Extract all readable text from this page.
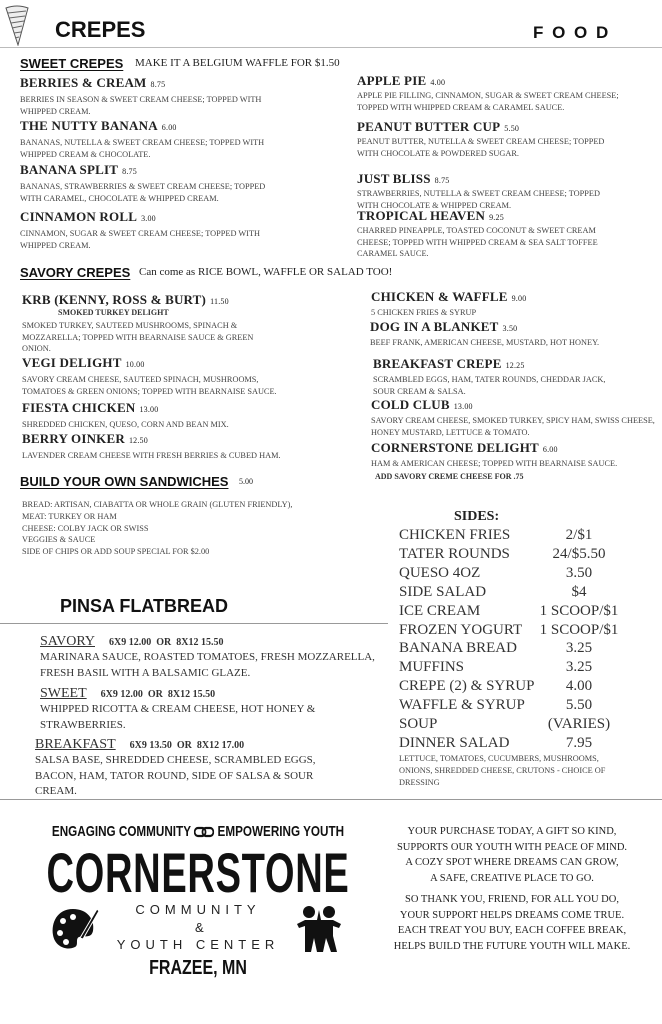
CREPES	F O O D
SWEET CREPES MAKE IT A BELGIUM WAFFLE FOR $1.50
SAVORY CREPES Can come as RICE BOWL, WAFFLE OR SALAD TOO!
BUILD YOUR OWN SANDWICHES 5.00
BREAD: ARTISAN, CIABATTA OR WHOLE GRAIN (GLUTEN FRIENDLY),
MEAT: TURKEY OR HAM
CHEESE: COLBY JACK OR SWISS
VEGGIES & SAUCE
SIDE OF CHIPS OR ADD SOUP SPECIAL FOR $2.00
PINSA FLATBREAD
SAVORY 6X9 12.00  OR  8X12 15.50
MARINARA SAUCE, ROASTED TOMATOES, FRESH MOZZARELLA,
FRESH BASIL WITH A BALSAMIC GLAZE.
SWEET 6X9 12.00  OR  8X12 15.50
WHIPPED RICOTTA & CREAM CHEESE, HOT HONEY &
STRAWBERRIES.
BREAKFAST 6X9 13.50  OR  8X12 17.00
SALSA BASE, SHREDDED CHEESE, SCRAMBLED EGGS,
BACON, HAM, TATOR ROUND, SIDE OF SALSA & SOUR
CREAM.
SIDES:
CHICKEN FRIES	2/$1
TATER ROUNDS	24/$5.50
QUESO 4OZ	3.50
SIDE SALAD	$4
ICE CREAM	1 SCOOP/$1
FROZEN YOGURT	1 SCOOP/$1
BANANA BREAD	3.25
MUFFINS	3.25
CREPE (2) & SYRUP	4.00
WAFFLE & SYRUP	5.50
SOUP	(VARIES)
DINNER SALAD	7.95
LETTUCE, TOMATOES, CUCUMBERS, MUSHROOMS,
ONIONS, SHREDDED CHEESE, CRUTONS - CHOICE OF
DRESSING
BERRIES & CREAM 8.75
BERRIES IN SEASON & SWEET CREAM CHEESE; TOPPED WITH
WHIPPED CREAM.
THE NUTTY BANANA 6.00
BANANAS, NUTELLA & SWEET CREAM CHEESE; TOPPED WITH
WHIPPED CREAM & CHOCOLATE.
BANANA SPLIT 8.75
BANANAS, STRAWBERRIES & SWEET CREAM CHEESE; TOPPED
WITH CARAMEL, CHOCOLATE & WHIPPED CREAM.
CINNAMON ROLL 3.00
CINNAMON, SUGAR & SWEET CREAM CHEESE; TOPPED WITH
WHIPPED CREAM.
APPLE PIE 4.00
APPLE PIE FILLING, CINNAMON, SUGAR & SWEET CREAM CHEESE;
TOPPED WITH WHIPPED CREAM & CARAMEL SAUCE.
PEANUT BUTTER CUP 5.50
PEANUT BUTTER, NUTELLA & SWEET CREAM CHEESE; TOPPED
WITH CHOCOLATE & POWDERED SUGAR.
JUST BLISS 8.75
STRAWBERRIES, NUTELLA & SWEET CREAM CHEESE; TOPPED
WITH CHOCOLATE & WHIPPED CREAM.
TROPICAL HEAVEN 9.25
CHARRED PINEAPPLE, TOASTED COCONUT & SWEET CREAM
CHEESE; TOPPED WITH WHIPPED CREAM & SEA SALT TOFFEE
CARAMEL SAUCE.
KRB (KENNY, ROSS & BURT) 11.50
SMOKED TURKEY DELIGHT
SMOKED TURKEY, SAUTEED MUSHROOMS, SPINACH &
MOZZARELLA; TOPPED WITH BEARNAISE SAUCE & GREEN
ONION.
VEGI DELIGHT 10.00
SAVORY CREAM CHEESE, SAUTEED SPINACH, MUSHROOMS,
TOMATOES & GREEN ONIONS; TOPPED WITH BEARNAISE SAUCE.
FIESTA CHICKEN 13.00
SHREDDED CHICKEN, QUESO, CORN AND BEAN MIX.
BERRY OINKER 12.50
LAVENDER CREAM CHEESE WITH FRESH BERRIES & CUBED HAM.
CHICKEN & WAFFLE 9.00
5 CHICKEN FRIES & SYRUP
DOG IN A BLANKET 3.50
BEEF FRANK, AMERICAN CHEESE, MUSTARD, HOT HONEY.
BREAKFAST CREPE 12.25
SCRAMBLED EGGS, HAM, TATER ROUNDS, CHEDDAR JACK,
SOUR CREAM & SALSA.
COLD CLUB 13.00
SAVORY CREAM CHEESE, SMOKED TURKEY, SPICY HAM, SWISS CHEESE,
HONEY MUSTARD, LETTUCE & TOMATO.
CORNERSTONE DELIGHT 6.00
HAM & AMERICAN CHEESE; TOPPED WITH BEARNAISE SAUCE.
ADD SAVORY CREME CHEESE FOR .75
ENGAGING COMMUNITY EMPOWERING YOUTH
CORNERSTONE
COMMUNITY
&
YOUTH CENTER
FRAZEE, MN
YOUR PURCHASE TODAY, A GIFT SO KIND,
SUPPORTS OUR YOUTH WITH PEACE OF MIND.
A COZY SPOT WHERE DREAMS CAN GROW,
A SAFE, CREATIVE PLACE TO GO.
SO THANK YOU, FRIEND, FOR ALL YOU DO,
YOUR SUPPORT HELPS DREAMS COME TRUE.
EACH TREAT YOU BUY, EACH COFFEE BREAK,
HELPS BUILD THE FUTURE YOUTH WILL MAKE.
